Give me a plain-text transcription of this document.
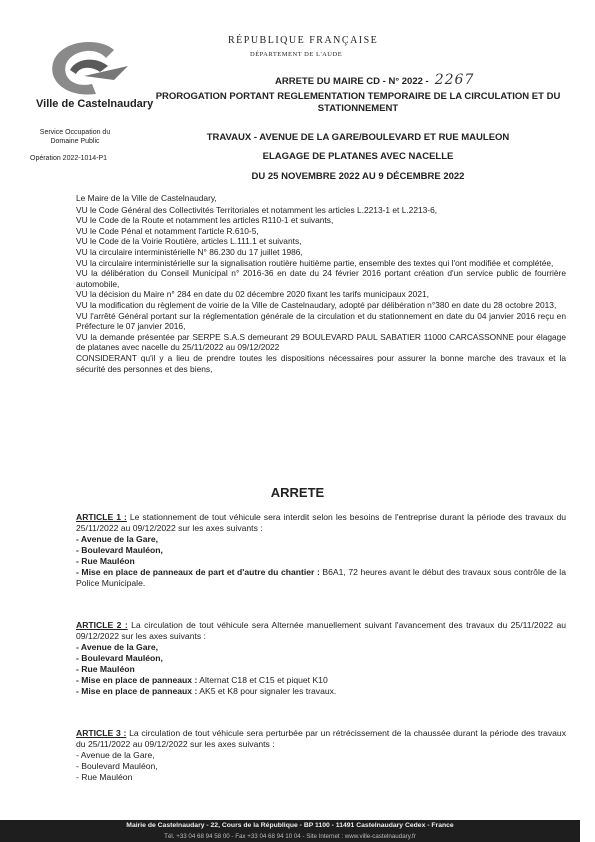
Ville de Castelnaudary
Service Occupation du Domaine Public
Opération 2022-1014-P1
RÉPUBLIQUE FRANÇAISE
DÉPARTEMENT DE L'AUDE
ARRETE DU MAIRE CD - N° 2022 - 2267
PROROGATION PORTANT REGLEMENTATION TEMPORAIRE DE LA CIRCULATION ET DU STATIONNEMENT
TRAVAUX - AVENUE DE LA GARE/BOULEVARD ET RUE MAULEON
ELAGAGE DE PLATANES AVEC NACELLE
DU 25 NOVEMBRE 2022 AU 9 DÉCEMBRE 2022

Le Maire de la Ville de Castelnaudary,

VU le Code Général des Collectivités Territoriales et notamment les articles L.2213-1 et L.2213-6,

VU le Code de la Route et notamment les articles R110-1 et suivants,

VU le Code Pénal et notamment l'article R.610-5,

VU le Code de la Voirie Routière, articles L.111.1 et suivants,

VU la circulaire interministérielle N° 86.230 du 17 juillet 1986,

VU la circulaire interministérielle sur la signalisation routière huitième partie, ensemble des textes qui l'ont modifiée et complétée,

VU la délibération du Conseil Municipal n° 2016-36 en date du 24 février 2016 portant création d'un service public de fourrière automobile,

VU la décision du Maire n° 284 en date du 02 décembre 2020 fixant les tarifs municipaux 2021,

VU la modification du règlement de voirie de la Ville de Castelnaudary, adopté par délibération n°380 en date du 28 octobre 2013,

VU l'arrêté Général portant sur la réglementation générale de la circulation et du stationnement en date du 04 janvier 2016 reçu en Préfecture le 07 janvier 2016,

VU la demande présentée par SERPE S.A.S demeurant 29 BOULEVARD PAUL SABATIER 11000 CARCASSONNE pour élagage de platanes avec nacelle du 25/11/2022 au 09/12/2022

CONSIDERANT qu'il y a lieu de prendre toutes les dispositions nécessaires pour assurer la bonne marche des travaux et la sécurité des personnes et des biens,

ARRETE

ARTICLE 1 : Le stationnement de tout véhicule sera interdit selon les besoins de l'entreprise durant la période des travaux du 25/11/2022 au 09/12/2022 sur les axes suivants :

- Avenue de la Gare,

- Boulevard Mauléon,

- Rue Mauléon

- Mise en place de panneaux de part et d'autre du chantier : B6A1, 72 heures avant le début des travaux sous contrôle de la Police Municipale.

ARTICLE 2 : La circulation de tout véhicule sera Alternée manuellement suivant l'avancement des travaux du 25/11/2022 au 09/12/2022 sur les axes suivants :

- Avenue de la Gare,

- Boulevard Mauléon,

- Rue Mauléon

- Mise en place de panneaux : Alternat C18 et C15 et piquet K10

- Mise en place de panneaux : AK5 et K8 pour signaler les travaux.

ARTICLE 3 : La circulation de tout véhicule sera perturbée par un rétrécissement de la chaussée durant la période des travaux du 25/11/2022 au 09/12/2022 sur les axes suivants :

- Avenue de la Gare,

- Boulevard Mauléon,

- Rue Mauléon

Mairie de Castelnaudary - 22, Cours de la République - BP 1100 - 11491 Castelnaudary Cedex - France
Tél. +33 04 68 94 58 00 - Fax +33 04 68 94 10 04 - Site Internet : www.ville-castelnaudary.fr
